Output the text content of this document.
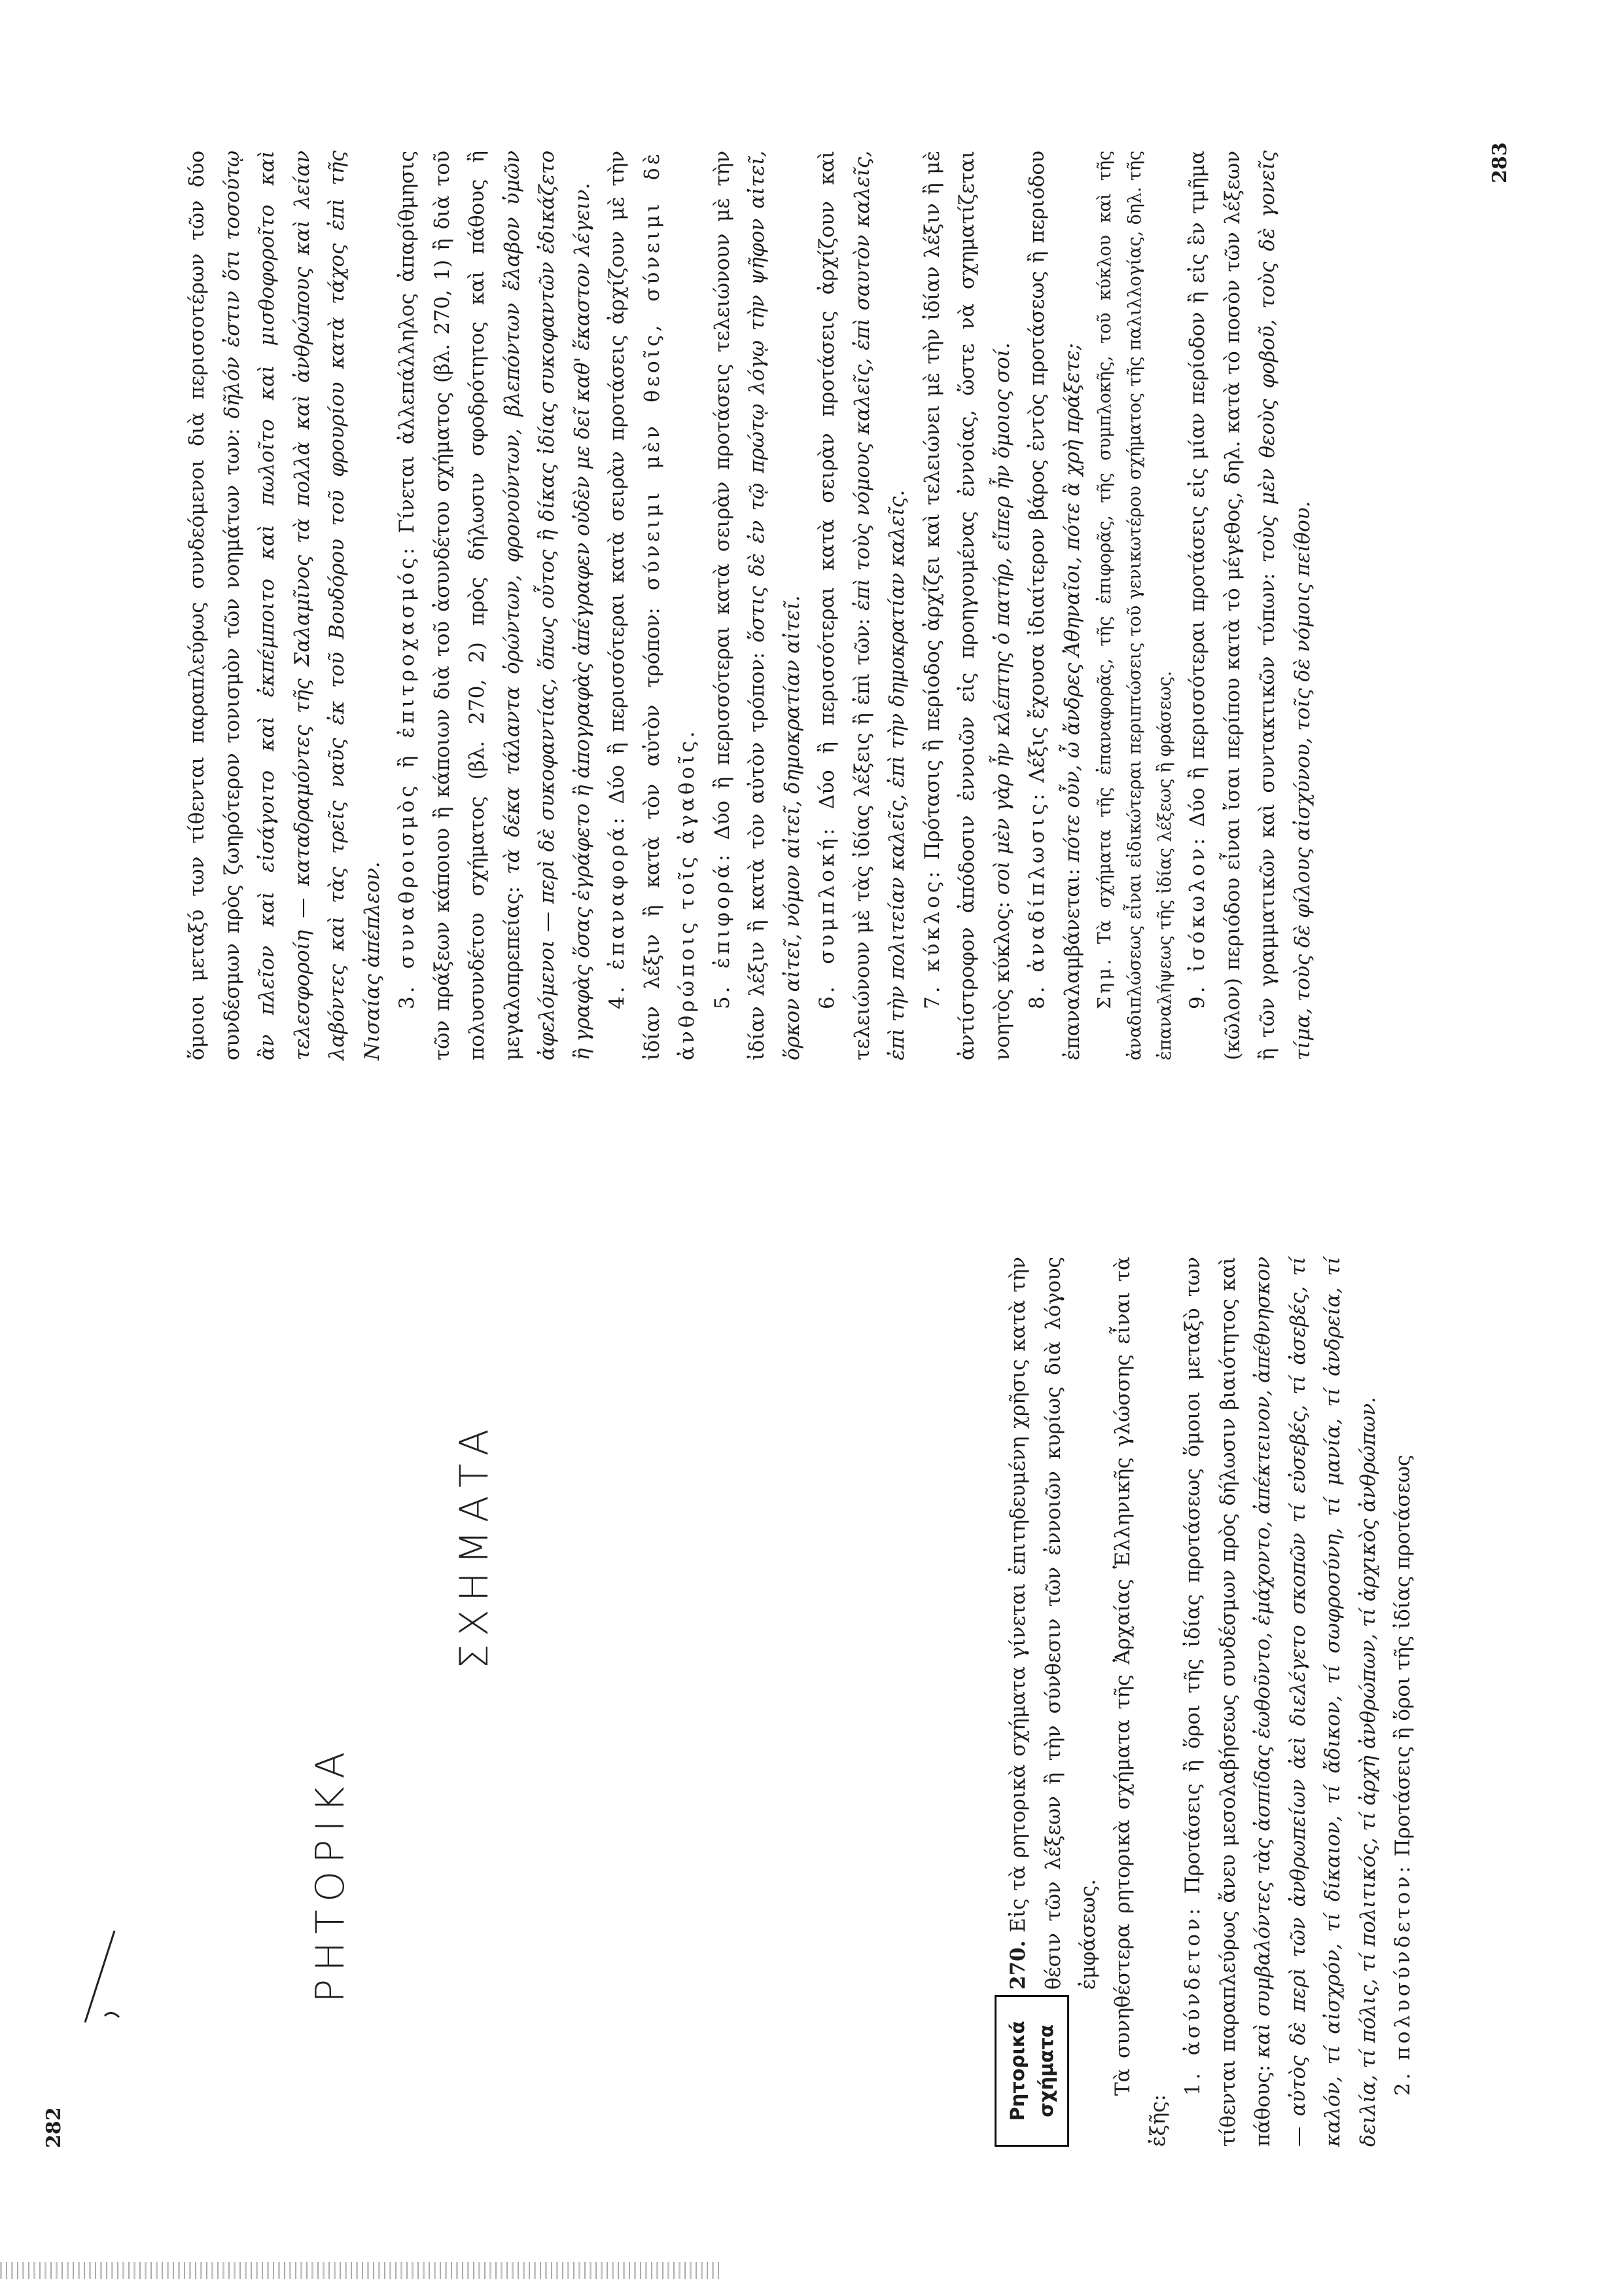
282
ΡΗΤΟΡΙΚΑ
ΣΧΗΜΑΤΑ
Ρητορικά σχήματα

270. Εἰς τὰ ρητορικὰ σχήματα γίνεται ἐπιτηδευμένη χρῆσις κατὰ τὴν θέσιν τῶν λέξεων ἢ τὴν σύνθεσιν τῶν ἐννοιῶν κυρίως διὰ λόγους ἐμφάσεως. Τὰ συνηθέστερα ρητορικὰ σχήματα τῆς Ἀρχαίας Ἑλληνικῆς γλώσσης εἶναι τὰ ἑξῆς:

1. ἀσύνδετον: Προτάσεις ἢ ὅροι τῆς ἰδίας προτάσεως ὅμοιοι μεταξὺ των τίθενται παραπλεύρως ἄνευ μεσολαβήσεως συνδέσμων πρὸς δήλωσιν βιαιότητος καὶ πάθους: καὶ συμβαλόντες τὰς ἀσπίδας ἐωθοῦντο, ἐμάχοντο, ἀπέκτεινον, ἀπέθνησκον — αὐτὸς δὲ περὶ τῶν ἀνθρωπείων ἀεὶ διελέγετο σκοπῶν τί εὐσεβές, τί ἀσεβές, τί καλόν, τί αἰσχρόν, τί δίκαιον, τί ἄδικον, τί σωφροσύνη, τί μανία, τί ἀνδρεία, τί δειλία, τί πόλις, τί πολιτικός, τί ἀρχὴ ἀνθρώπων, τί ἀρχικὸς ἀνθρώπων. 2. πολυσύνδετον: Προτάσεις ἢ ὅροι τῆς ἰδίας προτάσεως

283

ὅμοιοι μεταξύ των τίθενται παραπλεύρως συνδεόμενοι διὰ περισσοτέρων τῶν δύο συνδέσμων πρὸς ζωηρότερον τονισμὸν τῶν νοημάτων των: δῆλόν ἐστιν ὅτι τοσούτῳ ἂν πλεῖον καὶ εἰσάγοιτο καὶ ἐκπέμποιτο καὶ πωλοῖτο καὶ μισθοφοροῖτο καὶ τελεσφοροίη — καταδραμόντες τῆς Σαλαμῖνος τὰ πολλὰ καὶ ἀνθρώπους καὶ λείαν λαβόντες καὶ τὰς τρεῖς ναῦς ἐκ τοῦ Βουδόρου τοῦ φρουρίου κατὰ τάχος ἐπὶ τῆς Νισαίας ἀπέπλεον. 3. συναθροισμὸς ἢ ἐπιτροχασμός: Γίνεται ἀλλεπάλληλος ἀπαρίθμησις τῶν πράξεων κάποιου ἢ κάποιων διὰ τοῦ ἀσυνδέτου σχήματος (βλ. 270, 1) ἢ διὰ τοῦ πολυσυνδέτου σχήματος (βλ. 270, 2) πρὸς δήλωσιν σφοδρότητος καὶ πάθους ἢ μεγαλοπρεπείας: τὰ δέκα τάλαντα ὁρώντων, φρονούντων, βλεπόντων ἔλαβον ὑμῶν ἀφελόμενοι — περὶ δὲ συκοφαντίας, ὅπως οὗτος ἢ δίκας ἰδίας συκοφαντῶν ἐδικάζετο ἢ γραφὰς ὅσας ἐγράφετο ἢ ἀπογραφὰς ἀπέγραφεν οὐδὲν με δεῖ καθ' ἕκαστον λέγειν. 4. ἐπαναφορά: Δύο ἢ περισσότεραι κατὰ σειρὰν προτάσεις ἀρχίζουν μὲ τὴν ἰδίαν λέξιν ἢ κατὰ τὸν αὐτὸν τρόπον: σύνειμι μὲν θεοῖς, σύνειμι δὲ ἀνθρώποις τοῖς ἀγαθοῖς. 5. ἐπιφορά: Δύο ἢ περισσότεραι κατὰ σειρὰν προτάσεις τελειώνουν μὲ τὴν ἰδίαν λέξιν ἢ κατὰ τὸν αὐτὸν τρόπον: ὅστις δὲ ἐν τῷ πρώτῳ λόγῳ τὴν ψῆφον αἰτεῖ, ὅρκον αἰτεῖ, νόμον αἰτεῖ, δημοκρατίαν αἰτεῖ. 6. συμπλοκή: Δύο ἢ περισσότεραι κατὰ σειρὰν προτάσεις ἀρχίζουν καὶ τελειώνουν μὲ τὰς ἰδίας λέξεις ἢ ἐπὶ τῶν: ἐπὶ τοὺς νόμους καλεῖς, ἐπὶ σαυτὸν καλεῖς, ἐπὶ τὴν πολιτείαν καλεῖς, ἐπὶ τὴν δημοκρατίαν καλεῖς. 7. κύκλος: Πρότασις ἢ περίοδος ἀρχίζει καὶ τελειώνει μὲ τὴν ἰδίαν λέξιν ἢ μὲ ἀντίστροφον ἀπόδοσιν ἐννοιῶν εἰς προηγουμένας ἐννοίας, ὥστε νὰ σχηματίζεται νοητὸς κύκλος: σοὶ μὲν γὰρ ἦν κλέπτης ὁ πατήρ, εἴπερ ἦν ὅμοιος σοί.

8. ἀναδίπλωσις: Λέξις ἔχουσα ἰδιαίτερον βάρος ἐντὸς προτάσεως ἢ περιόδου ἐπαναλαμβάνεται: πότε οὖν, ὦ ἄνδρες Ἀθηναῖοι, πότε ἃ χρὴ πράξετε;

Σημ. Τὰ σχήματα τῆς ἐπαναφορᾶς, τῆς ἐπιφορᾶς, τῆς συμπλοκῆς, τοῦ κύκλου καὶ τῆς ἀναδιπλώσεως εἶναι εἰδικώτεραι περιπτώσεις τοῦ γενικωτέρου σχήματος τῆς παλιλλογίας, δηλ. τῆς ἐπαναλήψεως τῆς ἰδίας λέξεως ἢ φράσεως. 9. ἰσόκωλον: Δύο ἢ περισσότεραι προτάσεις εἰς μίαν περίοδον ἢ εἰς ἓν τμῆμα (κῶλον) περιόδου εἶναι ἴσαι περίπου κατὰ τὸ μέγεθος, δηλ. κατὰ τὸ ποσὸν τῶν λέξεων ἢ τῶν γραμματικῶν καὶ συντακτικῶν τύπων: τοὺς μὲν θεοὺς φοβοῦ, τοὺς δὲ γονεῖς τίμα, τοὺς δὲ φίλους αἰσχύνου, τοῖς δὲ νόμοις πείθου.
